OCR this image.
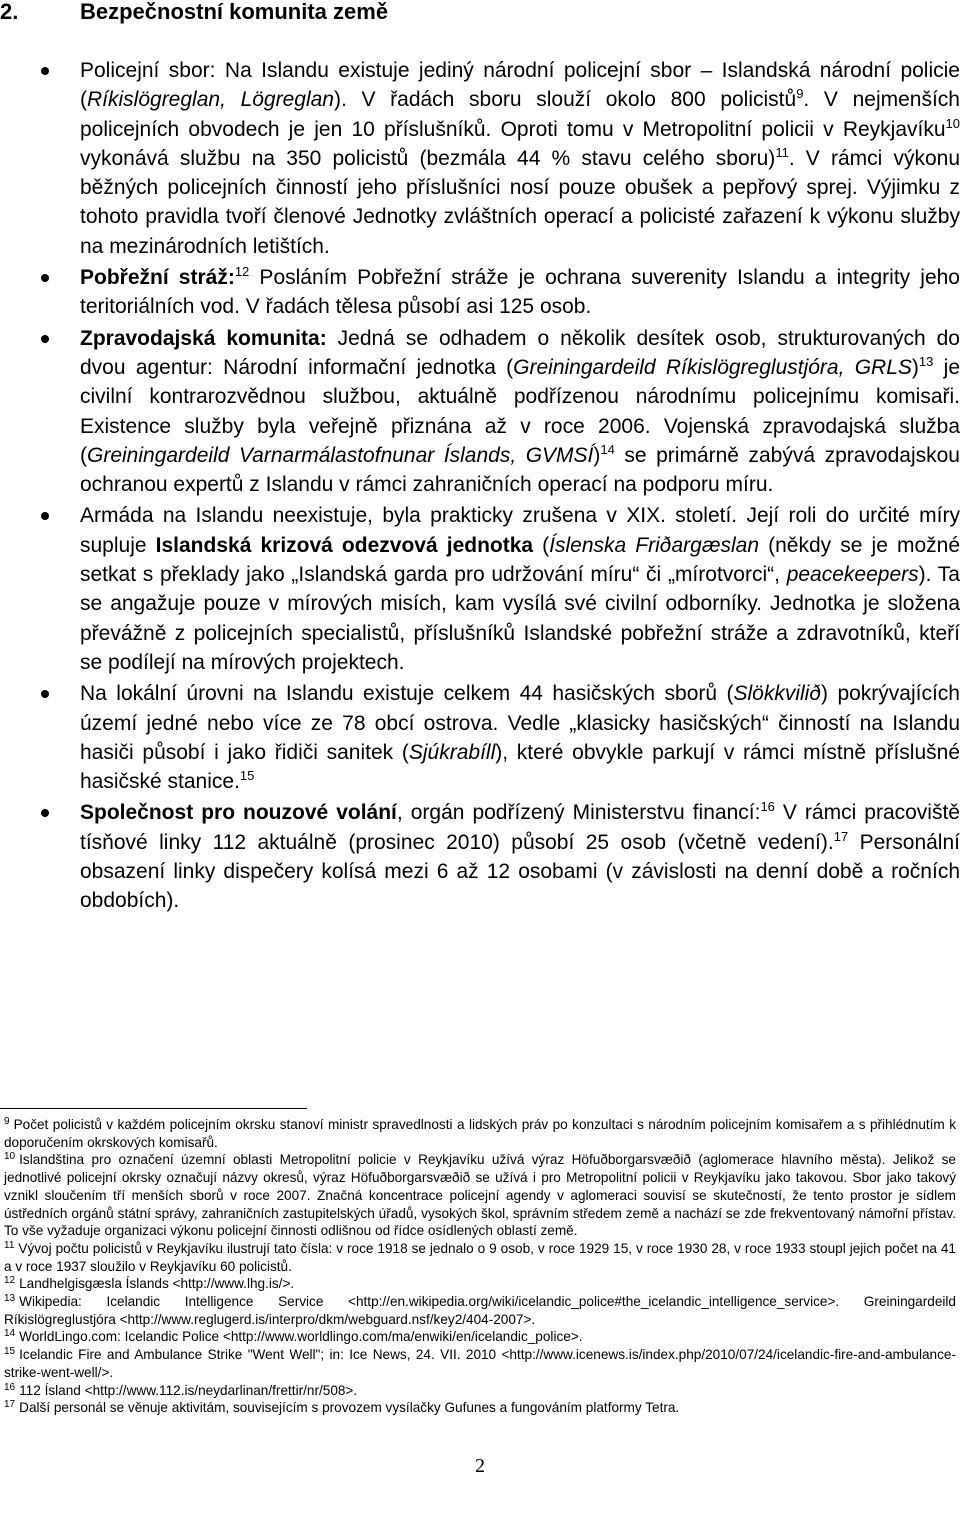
2.	Bezpečnostní komunita země
Policejní sbor: Na Islandu existuje jediný národní policejní sbor – Islandská národní policie (Ríkislögreglan, Lögreglan). V řadách sboru slouží okolo 800 policistů$^9$. V nejmenších policejních obvodech je jen 10 příslušníků. Oproti tomu v Metropolitní policii v Reykjavíku$^{10}$ vykonává službu na 350 policistů (bezmála 44 % stavu celého sboru)$^{11}$. V rámci výkonu běžných policejních činností jeho příslušníci nosí pouze obušek a pepřový sprej. Výjimku z tohoto pravidla tvoří členové Jednotky zvláštních operací a policisté zařazení k výkonu služby na mezinárodních letištích.
Pobřežní stráž:$^{12}$ Posláním Pobřežní stráže je ochrana suverenity Islandu a integrity jeho teritoriálních vod. V řadách tělesa působí asi 125 osob.
Zpravodajská komunita: Jedná se odhadem o několik desítek osob, strukturovaných do dvou agentur: Národní informační jednotka (Greiningardeild Ríkislögreglustjóra, GRLS)$^{13}$ je civilní kontrarozvědnou službou, aktuálně podřízenou národnímu policejnímu komisaři. Existence služby byla veřejně přiznána až v roce 2006. Vojenská zpravodajská služba (Greiningardeild Varnarmálastofnunar Íslands, GVMSÍ)$^{14}$ se primárně zabývá zpravodajskou ochranou expertů z Islandu v rámci zahraničních operací na podporu míru.
Armáda na Islandu neexistuje, byla prakticky zrušena v XIX. století. Její roli do určité míry supluje Islandská krizová odezvová jednotka (Íslenska Friðargæslan (někdy se je možné setkat s překlady jako „Islandská garda pro udržování míru“ či „mírotvorci“, peacekeepers). Ta se angažuje pouze v mírových misích, kam vysílá své civilní odborníky. Jednotka je složena převážně z policejních specialistů, příslušníků Islandské pobřežní stráže a zdravotníků, kteří se podílejí na mírových projektech.
Na lokální úrovni na Islandu existuje celkem 44 hasičských sborů (Slökkvilið) pokrývajících území jedné nebo více ze 78 obcí ostrova. Vedle „klasicky hasičských“ činností na Islandu hasiči působí i jako řidiči sanitek (Sjúkrabíll), které obvykle parkují v rámci místně příslušné hasičské stanice.$^{15}$
Společnost pro nouzové volání, orgán podřízený Ministerstvu financí:$^{16}$ V rámci pracoviště tísňové linky 112 aktuálně (prosinec 2010) působí 25 osob (včetně vedení).$^{17}$ Personální obsazení linky dispečery kolísá mezi 6 až 12 osobami (v závislosti na denní době a ročních obdobích).

$^9$ Počet policistů v každém policejním okrsku stanoví ministr spravedlnosti a lidských práv po konzultaci s národním policejním komisařem a s přihlédnutím k doporučením okrskových komisařů.

$^{10}$ Islandština pro označení územní oblasti Metropolitní policie v Reykjavíku užívá výraz Höfuðborgarsvæðið (aglomerace hlavního města). Jelikož se jednotlivé policejní okrsky označují názvy okresů, výraz Höfuðborgarsvæðið se užívá i pro Metropolitní policii v Reykjavíku jako takovou. Sbor jako takový vznikl sloučením tří menších sborů v roce 2007. Značná koncentrace policejní agendy v aglomeraci souvisí se skutečností, že tento prostor je sídlem ústředních orgánů státní správy, zahraničních zastupitelských úřadů, vysokých škol, správním středem země a nachází se zde frekventovaný námořní přístav. To vše vyžaduje organizaci výkonu policejní činnosti odlišnou od řídce osídlených oblastí země.

$^{11}$ Vývoj počtu policistů v Reykjavíku ilustrují tato čísla: v roce 1918 se jednalo o 9 osob, v roce 1929 15, v roce 1930 28, v roce 1933 stoupl jejich počet na 41 a v roce 1937 sloužilo v Reykjavíku 60 policistů.

$^{12}$ Landhelgisgæsla Íslands <http://www.lhg.is/>.

$^{13}$ Wikipedia: Icelandic Intelligence Service <http://en.wikipedia.org/wiki/icelandic_police#the_icelandic_intelligence_service>. Greiningardeild Ríkislögreglustjóra <http://www.reglugerd.is/interpro/dkm/webguard.nsf/key2/404-2007>.

$^{14}$ WorldLingo.com: Icelandic Police <http://www.worldlingo.com/ma/enwiki/en/icelandic_police>.

$^{15}$ Icelandic Fire and Ambulance Strike "Went Well"; in: Ice News, 24. VII. 2010 <http://www.icenews.is/index.php/2010/07/24/icelandic-fire-and-ambulance-strike-went-well/>.

$^{16}$ 112 Ísland <http://www.112.is/neydarlinan/frettir/nr/508>.

$^{17}$ Další personál se věnuje aktivitám, souvisejícím s provozem vysílačky Gufunes a fungováním platformy Tetra.

2
